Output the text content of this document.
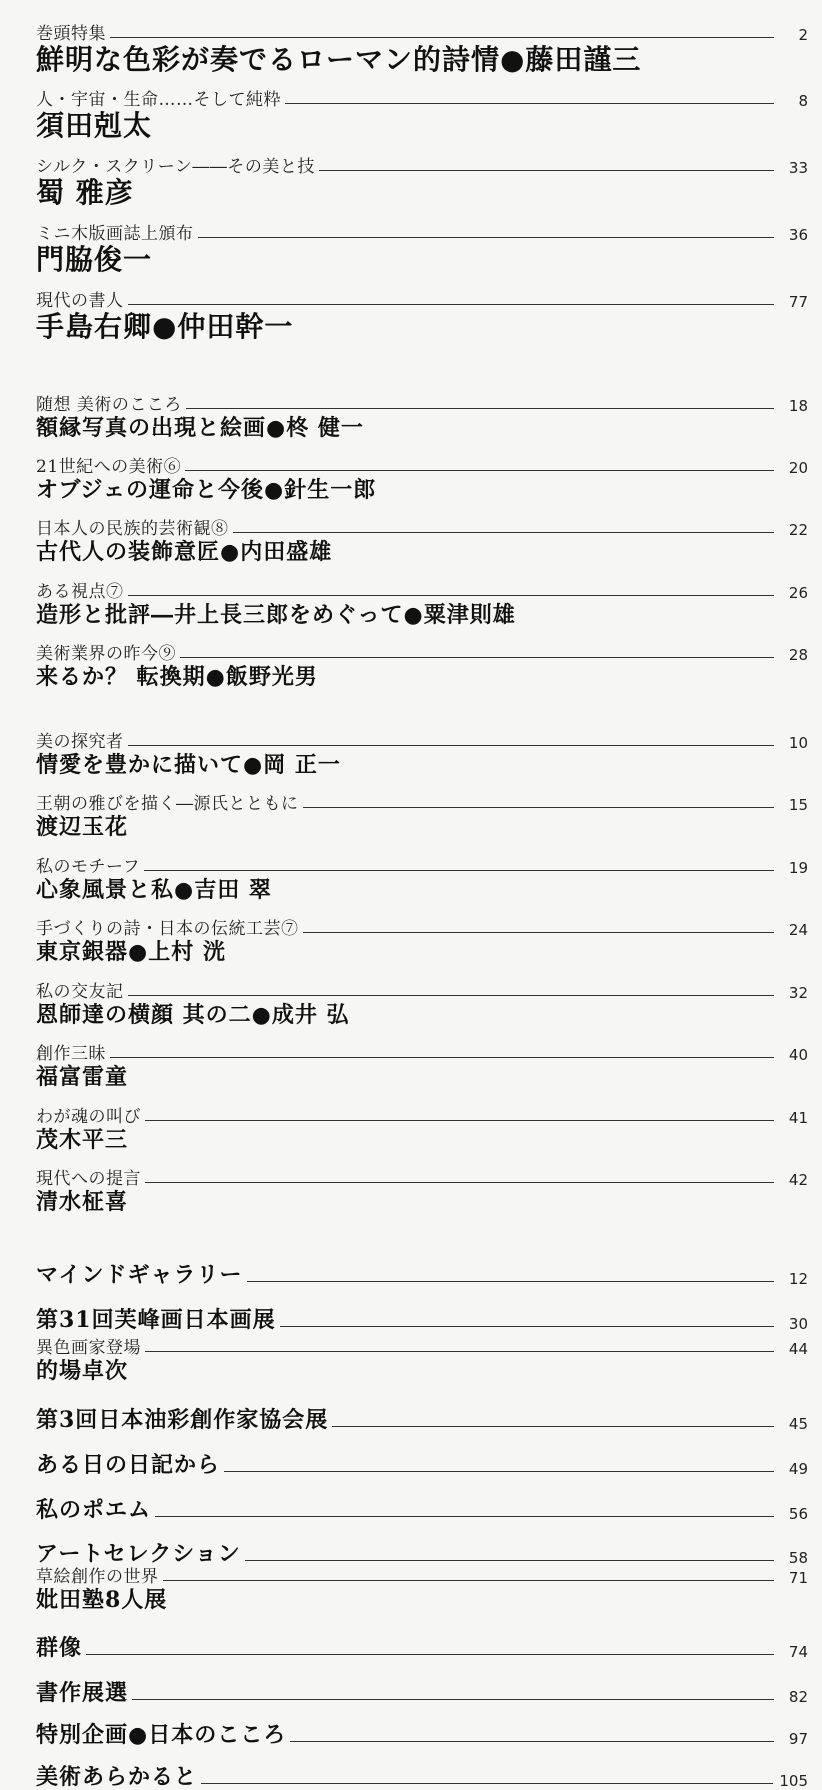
巻頭特集	2
鮮明な色彩が奏でるローマン的詩情●藤田謹三
人・宇宙・生命……そして純粋	8
須田剋太
シルク・スクリーン――その美と技	33
蜀 雅彦
ミニ木版画誌上頒布	36
門脇俊一
現代の書人	77
手島右卿●仲田幹一
随想 美術のこころ	18
額縁写真の出現と絵画●柊 健一
21世紀への美術⑥	20
オブジェの運命と今後●針生一郎
日本人の民族的芸術観⑧	22
古代人の装飾意匠●内田盛雄
ある視点⑦	26
造形と批評―井上長三郎をめぐって●粟津則雄
美術業界の昨今⑨	28
来るか？ 転換期●飯野光男
美の探究者	10
情愛を豊かに描いて●岡 正一
王朝の雅びを描く―源氏とともに	15
渡辺玉花
私のモチーフ	19
心象風景と私●吉田 翠
手づくりの詩・日本の伝統工芸⑦	24
東京銀器●上村 洸
私の交友記	32
恩師達の横顔 其の二●成井 弘
創作三昧	40
福富雷童
わが魂の叫び	41
茂木平三
現代への提言	42
清水柾喜
マインドギャラリー	12
第31回芙峰画日本画展	30
異色画家登場	44
的場卓次
第3回日本油彩創作家協会展	45
ある日の日記から	49
私のポエム	56
アートセレクション	58
草絵創作の世界	71
妣田塾8人展
群像	74
書作展選	82
特別企画●日本のこころ	97
美術あらかると	105
